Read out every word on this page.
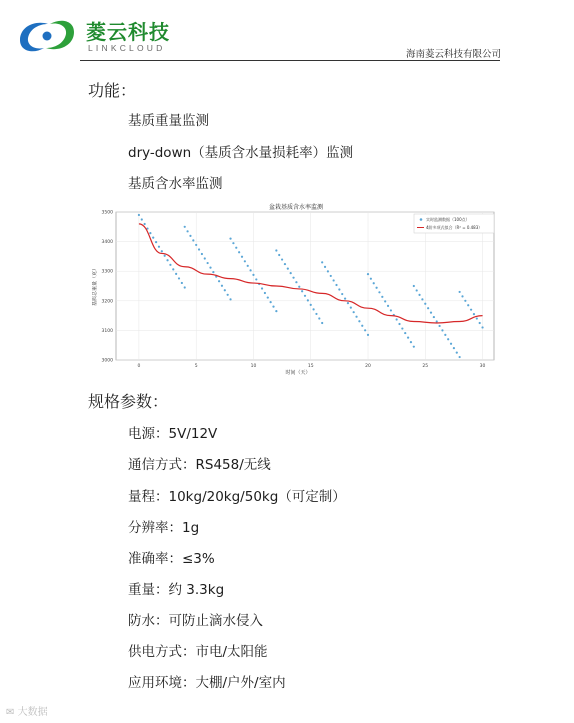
菱云科技
LINKCLOUD
海南菱云科技有限公司
功能：
基质重量监测
dry-down（基质含水量损耗率）监测
基质含水率监测
0	5	10	15	20	25	30
3000
3100
3200
3300
3400
3500
盆栽基质含水率监测
时间（天）
基质总重量（克）
实时监测数据（100点）
4阶多项式拟合（R² = 0.483）
规格参数：
电源：5V/12V
通信方式：RS458/无线
量程：10kg/20kg/50kg（可定制）
分辨率：1g
准确率：≤3%
重量：约 3.3kg
防水：可防止滴水侵入
供电方式：市电/太阳能
应用环境：大棚/户外/室内
✉ 大数据
